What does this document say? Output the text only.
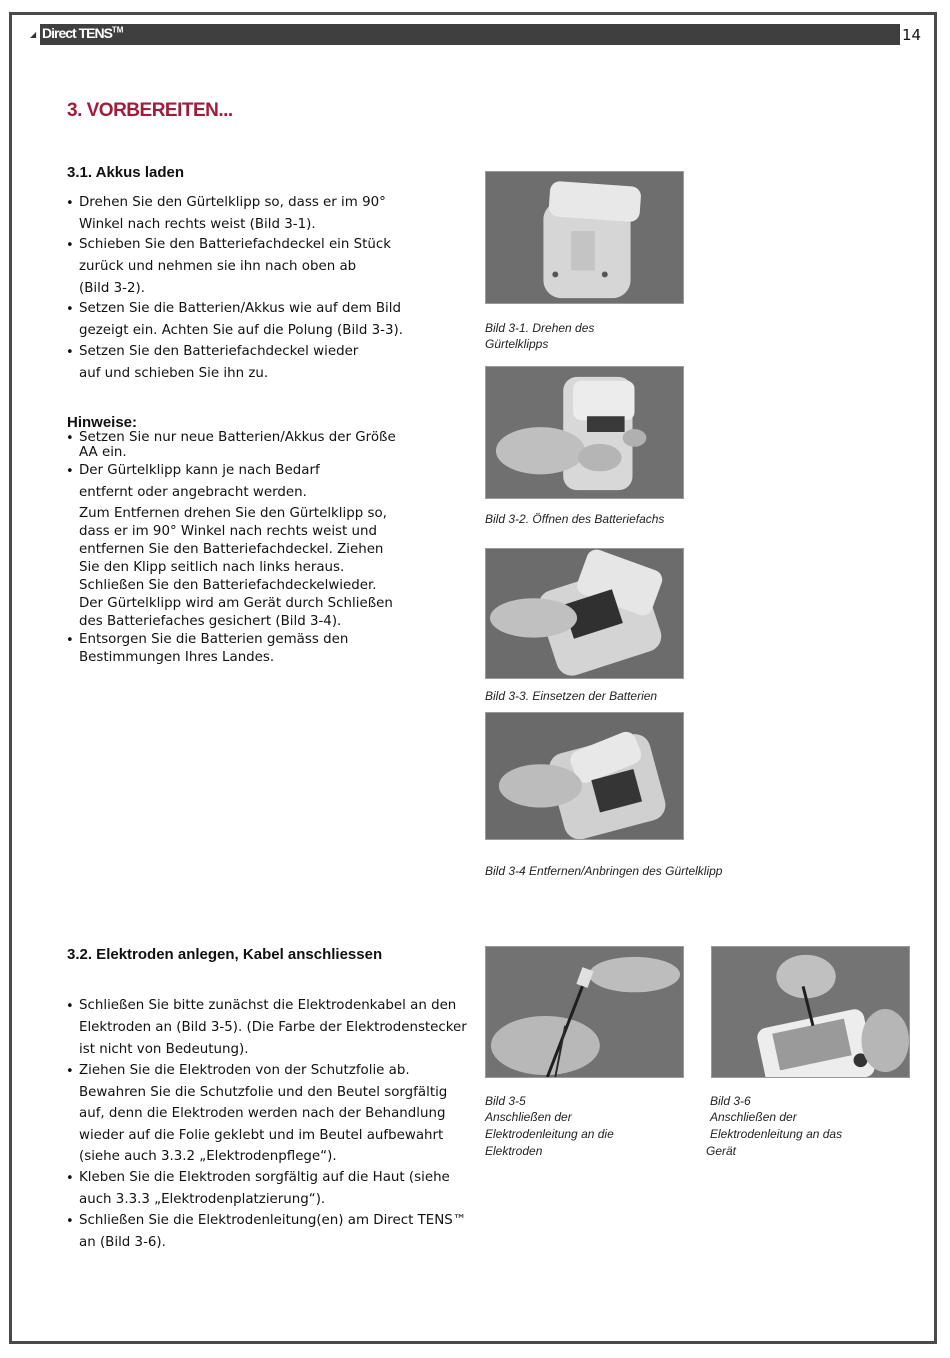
◢ Direct TENS™	14
3. VORBEREITEN...
3.1. Akkus laden
• Drehen Sie den Gürtelklipp so, dass er im 90°
Winkel nach rechts weist (Bild 3-1).
• Schieben Sie den Batteriefachdeckel ein Stück
zurück und nehmen sie ihn nach oben ab
(Bild 3-2).
• Setzen Sie die Batterien/Akkus wie auf dem Bild
gezeigt ein. Achten Sie auf die Polung (Bild 3-3).
• Setzen Sie den Batteriefachdeckel wieder
auf und schieben Sie ihn zu.
Hinweise:
• Setzen Sie nur neue Batterien/Akkus der Größe
AA ein.
• Der Gürtelklipp kann je nach Bedarf
entfernt oder angebracht werden.
Zum Entfernen drehen Sie den Gürtelklipp so,
dass er im 90° Winkel nach rechts weist und
entfernen Sie den Batteriefachdeckel. Ziehen
Sie den Klipp seitlich nach links heraus.
Schließen Sie den Batteriefachdeckelwieder.
Der Gürtelklipp wird am Gerät durch Schließen
des Batteriefaches gesichert (Bild 3-4).
• Entsorgen Sie die Batterien gemäss den
Bestimmungen Ihres Landes.
Bild 3-1. Drehen des
Gürtelklipps
Bild 3-2. Öffnen des Batteriefachs
Bild 3-3. Einsetzen der Batterien
Bild 3-4 Entfernen/Anbringen des Gürtelklipp
3.2. Elektroden anlegen, Kabel anschliessen
• Schließen Sie bitte zunächst die Elektrodenkabel an den
Elektroden an (Bild 3-5). (Die Farbe der Elektrodenstecker
ist nicht von Bedeutung).
• Ziehen Sie die Elektroden von der Schutzfolie ab.
Bewahren Sie die Schutzfolie und den Beutel sorgfältig
auf, denn die Elektroden werden nach der Behandlung
wieder auf die Folie geklebt und im Beutel aufbewahrt
(siehe auch 3.3.2 „Elektrodenpflege“).
• Kleben Sie die Elektroden sorgfältig auf die Haut (siehe
auch 3.3.3 „Elektrodenplatzierung“).
• Schließen Sie die Elektrodenleitung(en) am Direct TENS™
an (Bild 3-6).
Bild 3-5
Anschließen der
Elektrodenleitung an die
Elektroden
Bild 3-6
Anschließen der
Elektrodenleitung an das
Gerät
